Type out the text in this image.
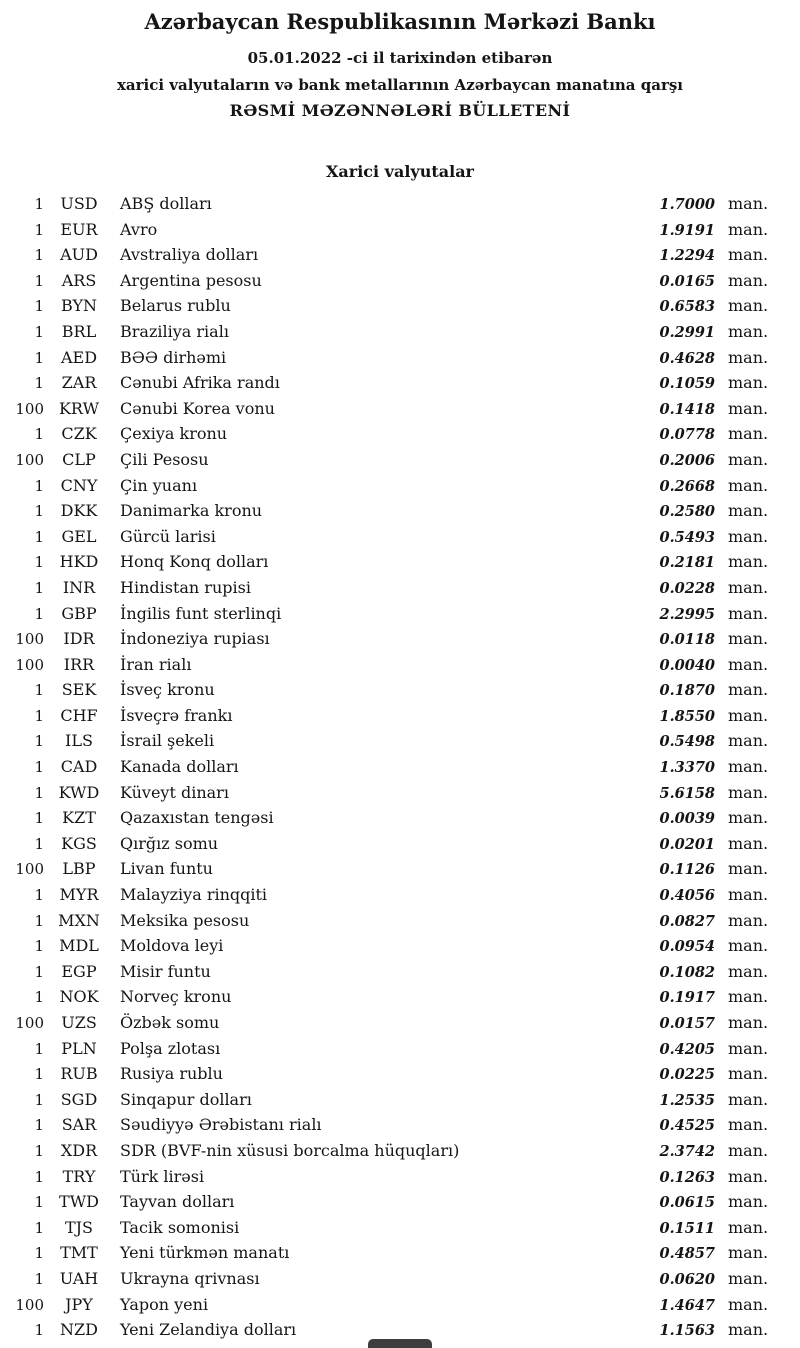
Azərbaycan Respublikasının Mərkəzi Bankı
05.01.2022 -ci il tarixindən etibarən
xarici valyutaların və bank metallarının Azərbaycan manatına qarşı
RƏSMİ MƏZƏNNƏLƏRİ BÜLLETENİ
Xarici valyutalar
1	USD	ABŞ dolları	1.7000 man.
1	EUR	Avro	1.9191 man.
1	AUD	Avstraliya dolları	1.2294 man.
1	ARS	Argentina pesosu	0.0165 man.
1	BYN	Belarus rublu	0.6583 man.
1	BRL	Braziliya rialı	0.2991 man.
1	AED	BƏƏ dirhəmi	0.4628 man.
1	ZAR	Cənubi Afrika randı	0.1059 man.
100 KRW	Cənubi Korea vonu	0.1418 man.
1	CZK	Çexiya kronu	0.0778 man.
100	CLP	Çili Pesosu	0.2006 man.
1	CNY	Çin yuanı	0.2668 man.
1	DKK	Danimarka kronu	0.2580 man.
1	GEL	Gürcü larisi	0.5493 man.
1 HKD	Honq Konq dolları	0.2181 man.
1	INR	Hindistan rupisi	0.0228 man.
1	GBP	İngilis funt sterlinqi	2.2995 man.
100	IDR	İndoneziya rupiası	0.0118 man.
100	IRR	İran rialı	0.0040 man.
1	SEK	İsveç kronu	0.1870 man.
1	CHF	İsveçrə frankı	1.8550 man.
1	ILS	İsrail şekeli	0.5498 man.
1	CAD	Kanada dolları	1.3370 man.
1 KWD	Küveyt dinarı	5.6158 man.
1	KZT	Qazaxıstan tengəsi	0.0039 man.
1	KGS	Qırğız somu	0.0201 man.
100	LBP	Livan funtu	0.1126 man.
1 MYR	Malayziya rinqqiti	0.4056 man.
1 MXN	Meksika pesosu	0.0827 man.
1 MDL	Moldova leyi	0.0954 man.
1	EGP	Misir funtu	0.1082 man.
1 NOK	Norveç kronu	0.1917 man.
100	UZS	Özbək somu	0.0157 man.
1	PLN	Polşa zlotası	0.4205 man.
1	RUB	Rusiya rublu	0.0225 man.
1	SGD	Sinqapur dolları	1.2535 man.
1	SAR	Səudiyyə Ərəbistanı rialı	0.4525 man.
1	XDR	SDR (BVF-nin xüsusi borcalma hüquqları)	2.3742 man.
1	TRY	Türk lirəsi	0.1263 man.
1 TWD	Tayvan dolları	0.0615 man.
1	TJS	Tacik somonisi	0.1511 man.
1	TMT	Yeni türkmən manatı	0.4857 man.
1 UAH	Ukrayna qrivnası	0.0620 man.
100	JPY	Yapon yeni	1.4647 man.
1	NZD	Yeni Zelandiya dolları	1.1563 man.
